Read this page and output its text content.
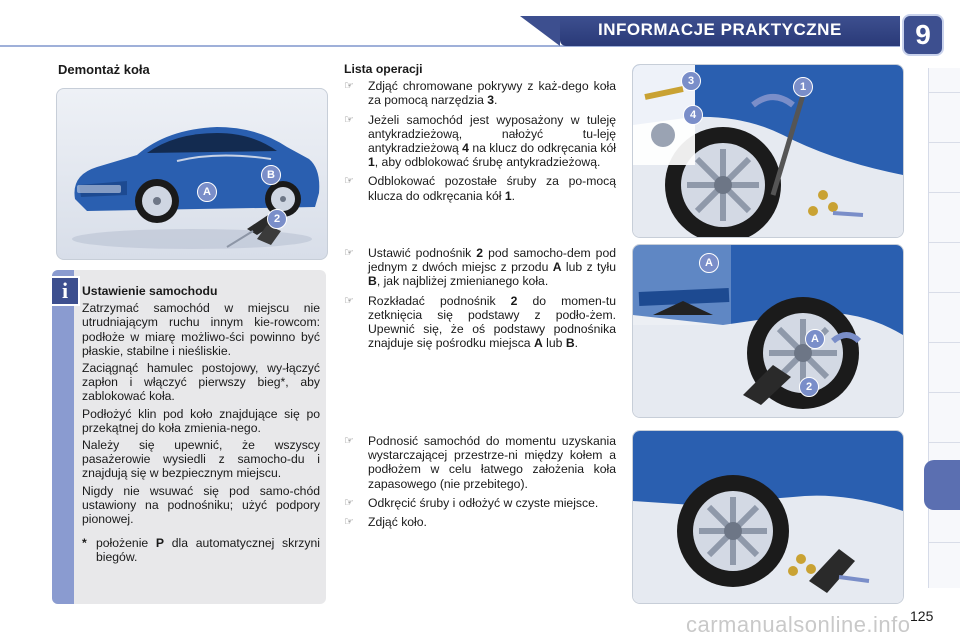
INFORMACJE PRAKTYCZNE	9
Demontaż koła
A
B
2
i	Ustawienie samochodu

Zatrzymać samochód w miejscu nie utrudniającym ruchu innym kie-rowcom: podłoże w miarę możliwo-ści powinno być płaskie, stabilne i nieśliskie.

Zaciągnąć hamulec postojowy, wy-łączyć zapłon i włączyć pierwszy bieg*, aby zablokować koła.

Podłożyć klin pod koło znajdujące się po przekątnej do koła zmienia-nego.

Należy się upewnić, że wszyscy pasażerowie wysiedli z samocho-du i znajdują się w bezpiecznym miejscu.

Nigdy nie wsuwać się pod samo-chód ustawiony na podnośniku; użyć podpory pionowej.

* położenie P dla automatycznej skrzyni biegów.

Lista operacji
☞	Zdjąć chromowane pokrywy z każ-dego koła za pomocą narzędzia 3.
☞	Jeżeli samochód jest wyposażony w tuleję antykradzieżową, nałożyć tu-leję antykradzieżową 4 na klucz do odkręcania kół 1, aby odblokować śrubę antykradzieżową.
☞	Odblokować pozostałe śruby za po-mocą klucza do odkręcania kół 1.
☞	Ustawić podnośnik 2 pod samocho-dem pod jednym z dwóch miejsc z przodu A lub z tyłu B, jak najbliżej zmienianego koła.
☞	Rozkładać podnośnik 2 do momen-tu zetknięcia się podstawy z podło-żem. Upewnić się, że oś podstawy podnośnika znajduje się pośrodku miejsca A lub B.
☞	Podnosić samochód do momentu uzyskania wystarczającej przestrze-ni między kołem a podłożem w celu łatwego założenia koła zapasowego (nie przebitego).
☞	Odkręcić śruby i odłożyć w czyste miejsce.
☞	Zdjąć koło.
3
4
1
A
A
2
carmanualsonline.info 125
